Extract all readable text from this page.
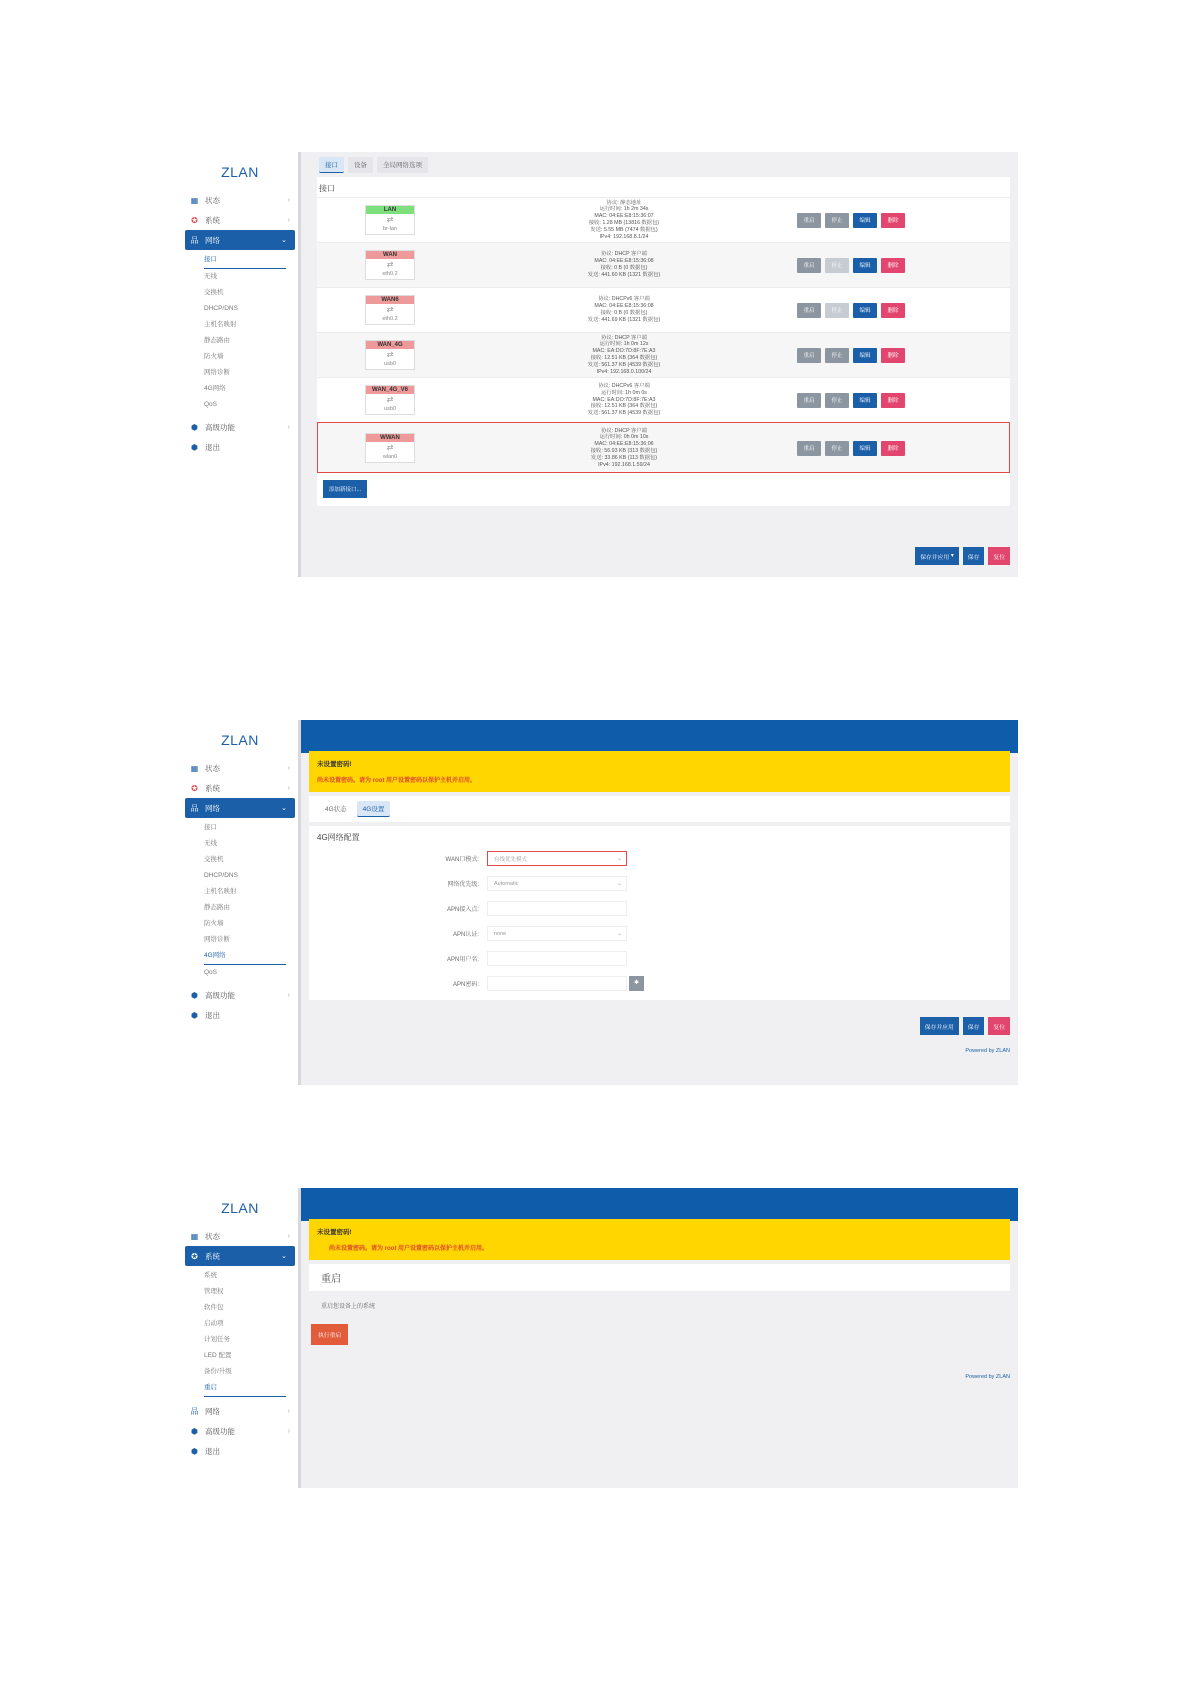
ZLAN
▦ 状态	›
✪ 系统	›
品 网络	⌄
接口
无线
交换机
DHCP/DNS
主机名映射
静态路由
防火墙
网络诊断
4G网络
QoS
⬢ 高级功能	›
⬢ 退出
接口	设备	全局网络选项
接口
LAN
⇄
br-lan
协议: 静态地址
运行时间: 1h 2m 34s
MAC: 04:EE:E8:15:36:07
接收: 1.28 MB (13816 数据包)
发送: 5.55 MB (7474 数据包)
IPv4: 192.168.8.1/24
重启	停止	编辑	删除
WAN
⇄
eth0.2
协议: DHCP 客户端
MAC: 04:EE:E8:15:36:08
接收: 0 B (0 数据包)
发送: 441.60 KB (1321 数据包)
重启	停止	编辑	删除
WAN6
⇄
eth0.2
协议: DHCPv6 客户端
MAC: 04:EE:E8:15:36:08
接收: 0 B (0 数据包)
发送: 441.69 KB (1321 数据包)
重启	停止	编辑	删除
WAN_4G
⇄
usb0
协议: DHCP 客户端
运行时间: 1h 0m 12s
MAC: EA:DO:7D:8F:7E:A3
接收: 12.51 KB (364 数据包)
发送: 561.37 KB (4539 数据包)
IPv4: 192.168.0.100/24
重启	停止	编辑	删除
WAN_4G_V6
⇄
usb0
协议: DHCPv6 客户端
运行时间: 1h 0m 0s
MAC: EA:DO:7D:8F:7E:A3
接收: 12.51 KB (364 数据包)
发送: 561.37 KB (4539 数据包)
重启	停止	编辑	删除
WWAN
⇄
wlan0
协议: DHCP 客户端
运行时间: 0h 0m 10s
MAC: 04:EE:E8:15:36:06
接收: 56.93 KB (313 数据包)
发送: 33.86 KB (113 数据包)
IPv4: 192.168.1.59/24
重启	停止	编辑	删除
添加新接口...
保存并应用
▾	保存	复位
ZLAN
▦ 状态	›
✪ 系统	›
品 网络	⌄
接口
无线
交换机
DHCP/DNS
主机名映射
静态路由
防火墙
网络诊断
4G网络
QoS
⬢ 高级功能	›
⬢ 退出
未设置密码!
尚未设置密码。请为 root 用户设置密码以保护主机并启用。
4G状态	4G设置
4G网络配置
WAN口模式:	有线优先模式	⌄
网络优先级:	Automatic	⌄
APN接入点:
APN认证:	none	⌄
APN用户名:
APN密码:	✱
保存并应用	保存	复位
Powered by ZLAN
ZLAN
▦ 状态	›
✪ 系统	⌄
系统
管理权
软件包
启动项
计划任务
LED 配置
备份/升级
重启
品 网络	›
⬢ 高级功能	›
⬢ 退出
未设置密码!
尚未设置密码。请为 root 用户设置密码以保护主机并启用。
重启
重启您设备上的系统
执行重启
Powered by ZLAN
